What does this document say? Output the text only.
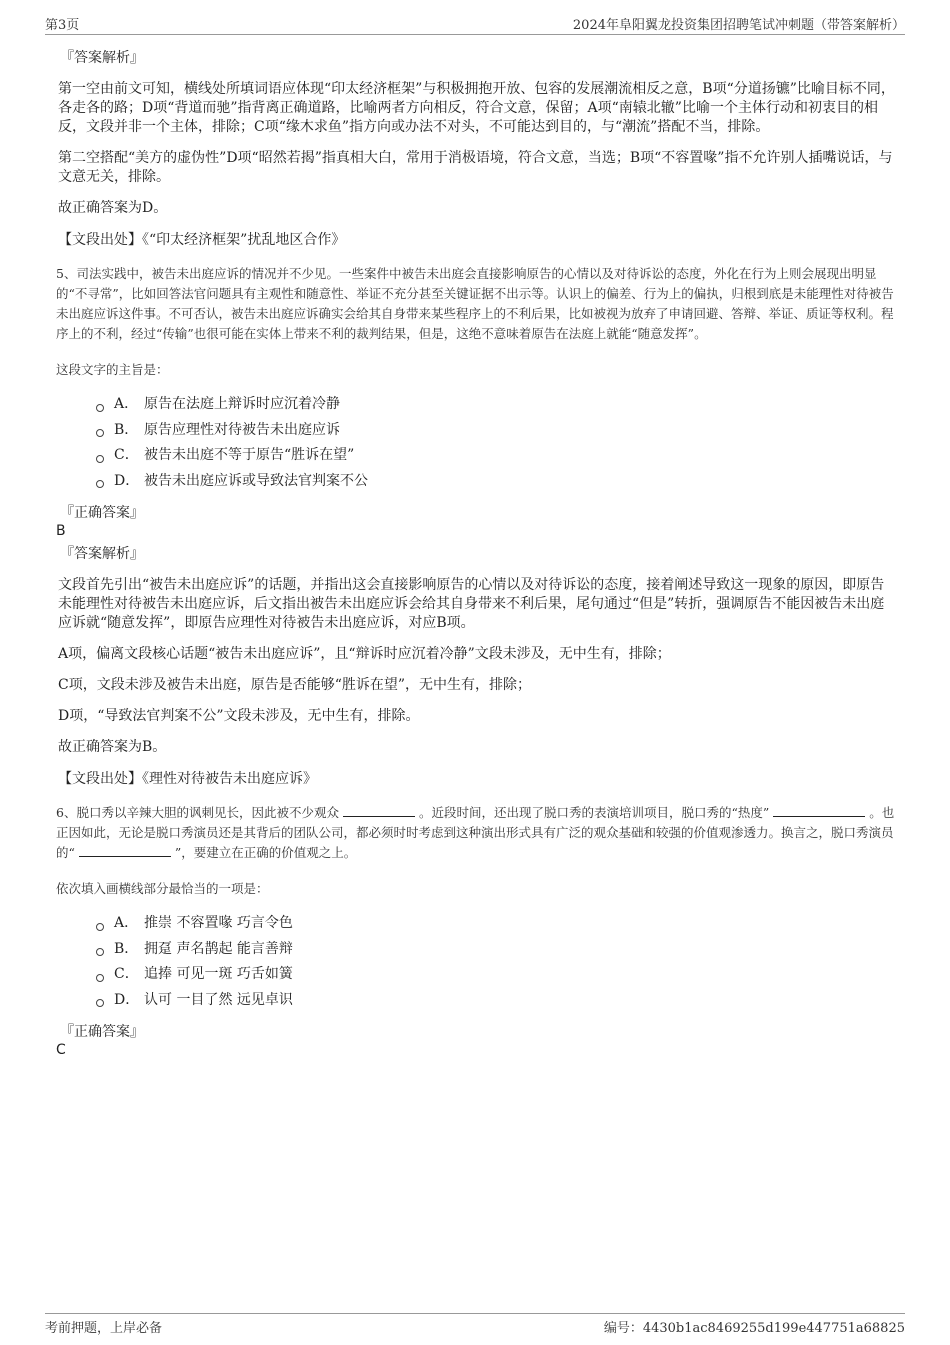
第3页	2024年阜阳翼龙投资集团招聘笔试冲刺题（带答案解析）
『答案解析』
第一空由前文可知，横线处所填词语应体现“印太经济框架”与积极拥抱开放、包容的发展潮流相反之意，B项“分道扬镳”比喻目标不同，各走各的路；D项“背道而驰”指背离正确道路，比喻两者方向相反，符合文意，保留；A项“南辕北辙”比喻一个主体行动和初衷目的相反，文段并非一个主体，排除；C项“缘木求鱼”指方向或办法不对头，不可能达到目的，与“潮流”搭配不当，排除。
第二空搭配“美方的虚伪性”D项“昭然若揭”指真相大白，常用于消极语境，符合文意，当选；B项“不容置喙”指不允许别人插嘴说话，与文意无关，排除。
故正确答案为D。
【文段出处】《“印太经济框架”扰乱地区合作》
5、司法实践中，被告未出庭应诉的情况并不少见。一些案件中被告未出庭会直接影响原告的心情以及对待诉讼的态度，外化在行为上则会展现出明显的“不寻常”，比如回答法官问题具有主观性和随意性、举证不充分甚至关键证据不出示等。认识上的偏差、行为上的偏执，归根到底是未能理性对待被告未出庭应诉这件事。不可否认，被告未出庭应诉确实会给其自身带来某些程序上的不利后果，比如被视为放弃了申请回避、答辩、举证、质证等权利。程序上的不利，经过“传输”也很可能在实体上带来不利的裁判结果，但是，这绝不意味着原告在法庭上就能“随意发挥”。
这段文字的主旨是：
A． 原告在法庭上辩诉时应沉着冷静
B． 原告应理性对待被告未出庭应诉
C． 被告未出庭不等于原告“胜诉在望”
D． 被告未出庭应诉或导致法官判案不公
『正确答案』
B
『答案解析』
文段首先引出“被告未出庭应诉”的话题，并指出这会直接影响原告的心情以及对待诉讼的态度，接着阐述导致这一现象的原因，即原告未能理性对待被告未出庭应诉，后文指出被告未出庭应诉会给其自身带来不利后果，尾句通过“但是”转折，强调原告不能因被告未出庭应诉就“随意发挥”，即原告应理性对待被告未出庭应诉，对应B项。
A项，偏离文段核心话题“被告未出庭应诉”，且“辩诉时应沉着冷静”文段未涉及，无中生有，排除；
C项，文段未涉及被告未出庭，原告是否能够“胜诉在望”，无中生有，排除；
D项，“导致法官判案不公”文段未涉及，无中生有，排除。
故正确答案为B。
【文段出处】《理性对待被告未出庭应诉》
6、脱口秀以辛辣大胆的讽刺见长，因此被不少观众	。近段时间，还出现了脱口秀的表演培训项目，脱口秀的“热度”	。也正因如此，无论是脱口秀演员还是其背后的团队公司，都必须时时考虑到这种演出形式具有广泛的观众基础和较强的价值观渗透力。换言之，脱口秀演员的“	”，要建立在正确的价值观之上。
依次填入画横线部分最恰当的一项是：
A． 推崇 不容置喙 巧言令色
B． 拥趸 声名鹊起 能言善辩
C． 追捧 可见一斑 巧舌如簧
D． 认可 一目了然 远见卓识
『正确答案』
C
考前押题，上岸必备	编号：4430b1ac8469255d199e447751a68825
